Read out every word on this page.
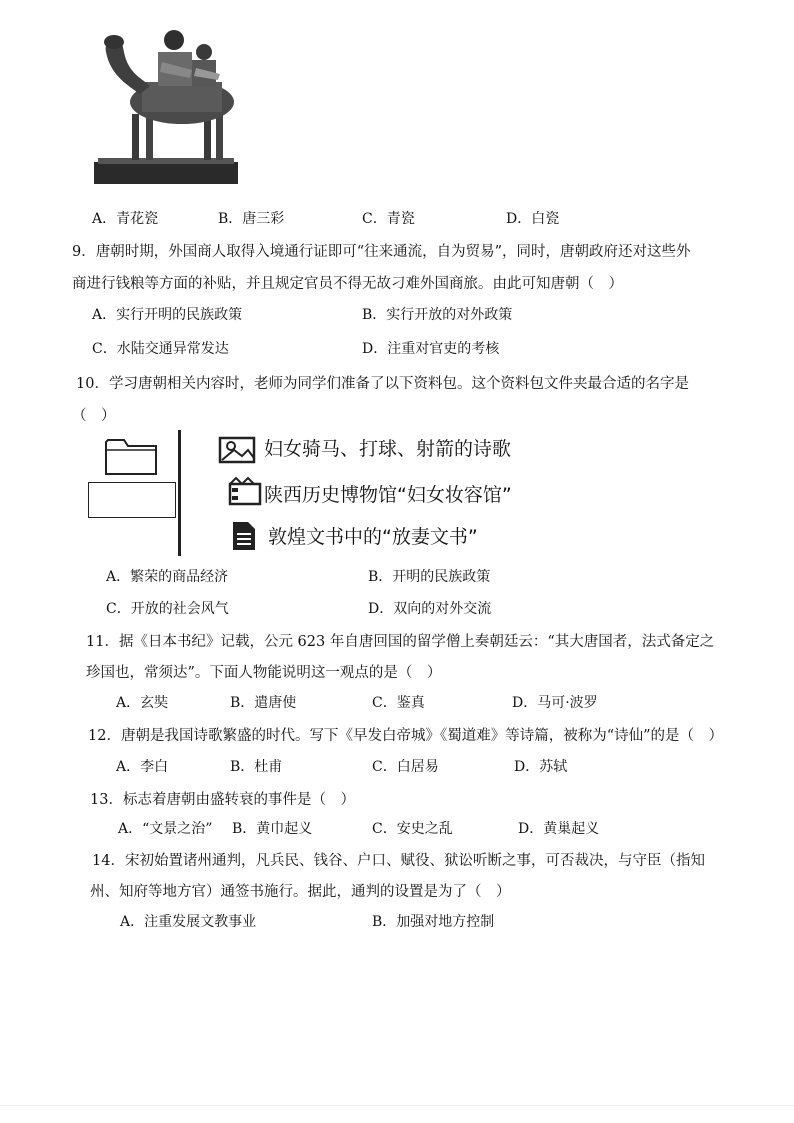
A．青花瓷	B．唐三彩	C．青瓷	D．白瓷
9．唐朝时期，外国商人取得入境通行证即可“往来通流，自为贸易”，同时，唐朝政府还对这些外
商进行钱粮等方面的补贴，并且规定官员不得无故刁难外国商旅。由此可知唐朝（　）
A．实行开明的民族政策	B．实行开放的对外政策
C．水陆交通异常发达	D．注重对官吏的考核
10．学习唐朝相关内容时，老师为同学们准备了以下资料包。这个资料包文件夹最合适的名字是
（　）
妇女骑马、打球、射箭的诗歌
陕西历史博物馆“妇女妆容馆”
敦煌文书中的“放妻文书”
A．繁荣的商品经济	B．开明的民族政策
C．开放的社会风气	D．双向的对外交流
11．据《日本书纪》记载，公元 623 年自唐回国的留学僧上奏朝廷云：“其大唐国者，法式备定之
珍国也，常须达”。下面人物能说明这一观点的是（　）
A．玄奘	B．遣唐使	C．鉴真	D．马可·波罗
12．唐朝是我国诗歌繁盛的时代。写下《早发白帝城》《蜀道难》等诗篇，被称为“诗仙”的是（　）
A．李白	B．杜甫	C．白居易	D．苏轼
13．标志着唐朝由盛转衰的事件是（　）
A．“文景之治” B．黄巾起义	C．安史之乱	D．黄巢起义
14．宋初始置诸州通判，凡兵民、钱谷、户口、赋役、狱讼听断之事，可否裁决，与守臣（指知
州、知府等地方官）通签书施行。据此，通判的设置是为了（　）
A．注重发展文教事业	B．加强对地方控制
